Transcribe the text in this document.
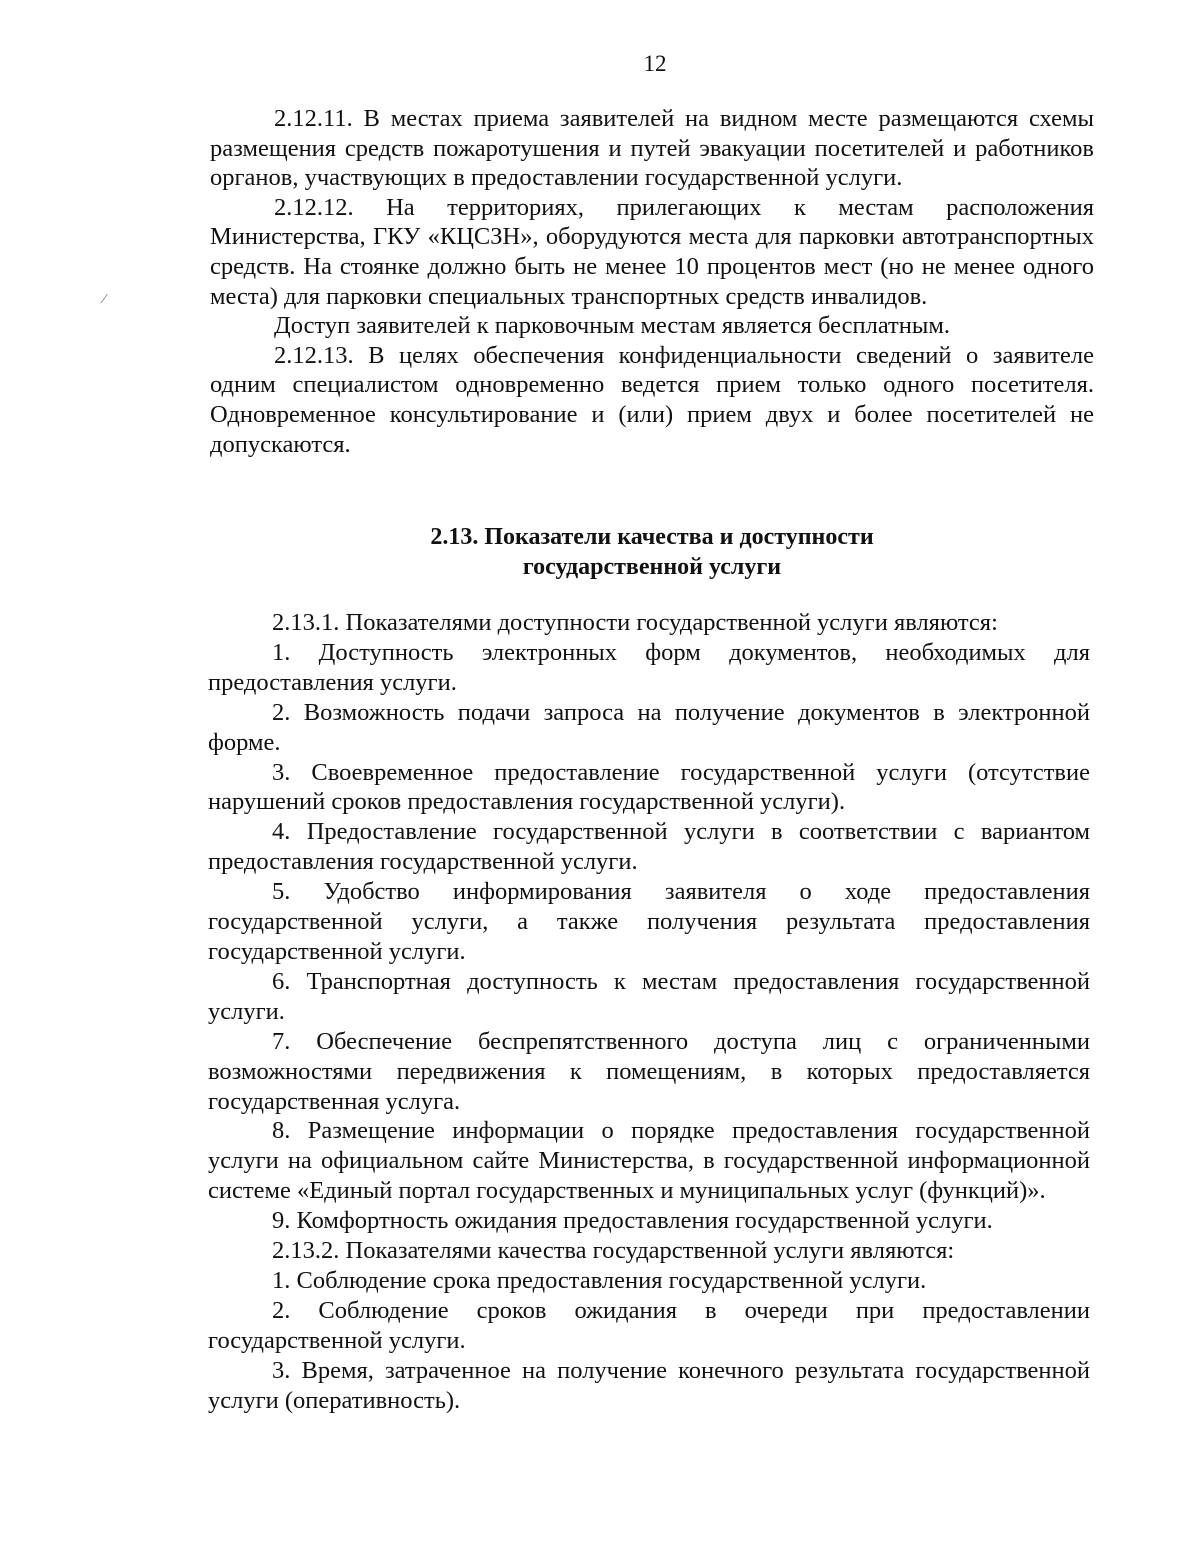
12
⁄

2.12.11. В местах приема заявителей на видном месте размещаются схемы размещения средств пожаротушения и путей эвакуации посетителей и работников органов, участвующих в предоставлении государственной услуги.

2.12.12. На территориях, прилегающих к местам расположения Министерства, ГКУ «КЦСЗН», оборудуются места для парковки автотранспортных средств. На стоянке должно быть не менее 10 процентов мест (но не менее одного места) для парковки специальных транспортных средств инвалидов.

Доступ заявителей к парковочным местам является бесплатным.

2.12.13. В целях обеспечения конфиденциальности сведений о заявителе одним специалистом одновременно ведется прием только одного посетителя. Одновременное консультирование и (или) прием двух и более посетителей не допускаются.

2.13. Показатели качества и доступности
государственной услуги

2.13.1. Показателями доступности государственной услуги являются:

1. Доступность электронных форм документов, необходимых для предоставления услуги.

2. Возможность подачи запроса на получение документов в электронной форме.

3. Своевременное предоставление государственной услуги (отсутствие нарушений сроков предоставления государственной услуги).

4. Предоставление государственной услуги в соответствии с вариантом предоставления государственной услуги.

5. Удобство информирования заявителя о ходе предоставления государственной услуги, а также получения результата предоставления государственной услуги.

6. Транспортная доступность к местам предоставления государственной услуги.

7. Обеспечение беспрепятственного доступа лиц с ограниченными возможностями передвижения к помещениям, в которых предоставляется государственная услуга.

8. Размещение информации о порядке предоставления государственной услуги на официальном сайте Министерства, в государственной информационной системе «Единый портал государственных и муниципальных услуг (функций)».

9. Комфортность ожидания предоставления государственной услуги.

2.13.2. Показателями качества государственной услуги являются:

1. Соблюдение срока предоставления государственной услуги.

2. Соблюдение сроков ожидания в очереди при предоставлении государственной услуги.

3. Время, затраченное на получение конечного результата государственной услуги (оперативность).
